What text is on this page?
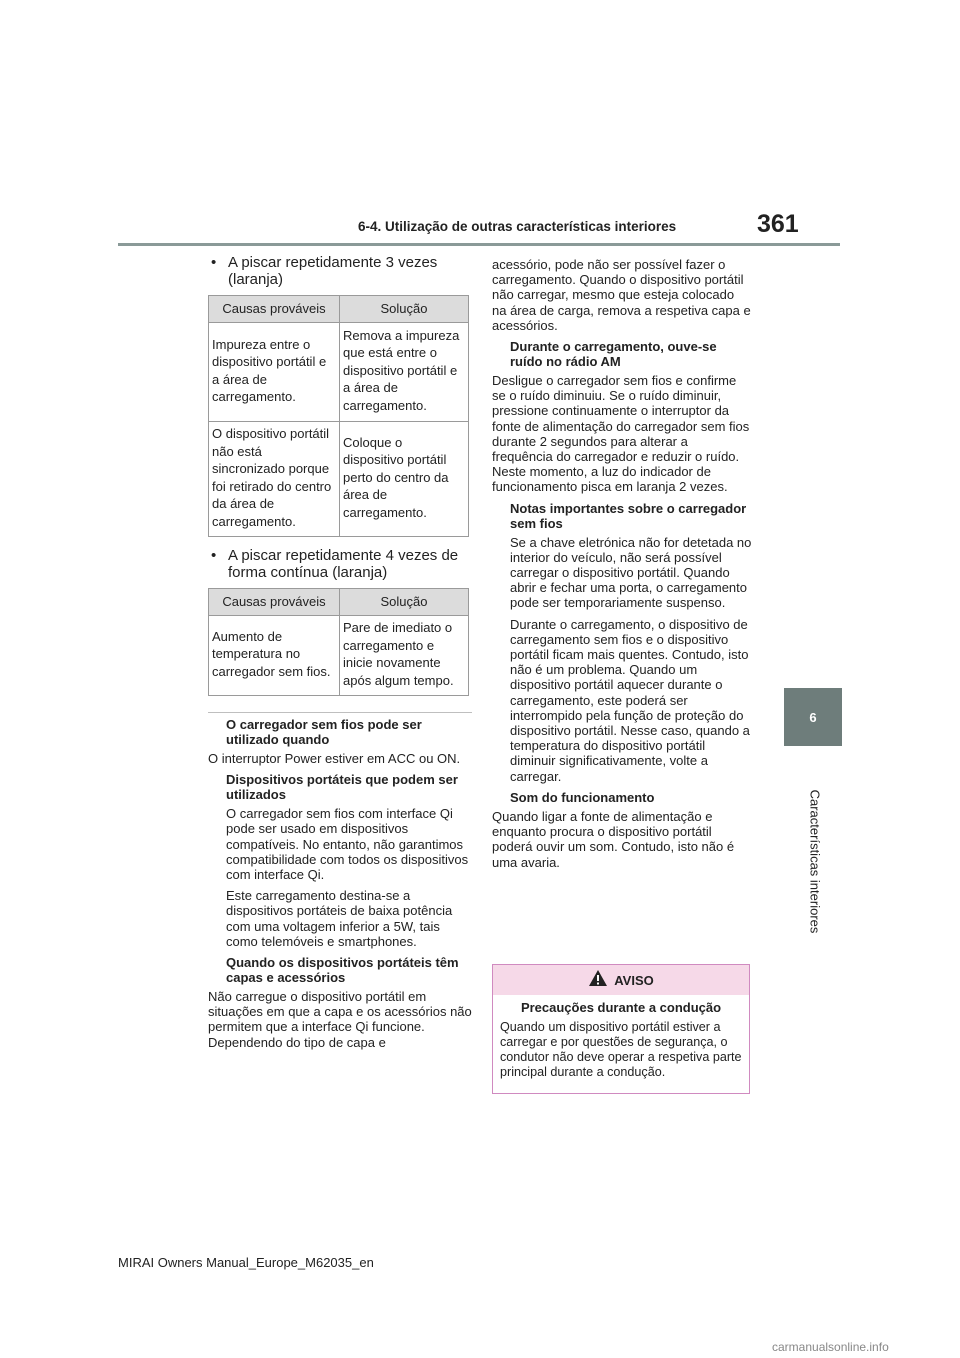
6-4. Utilização de outras características interiores	361
6
Características interiores
• A piscar repetidamente 3 vezes (laranja)
Causas prováveis	Solução
Impureza entre o dispositivo portátil e a área de carregamento.	Remova a impureza que está entre o dispositivo portátil e a área de carregamento.
O dispositivo portátil não está sincronizado porque foi retirado do centro da área de carregamento.	Coloque o dispositivo portátil perto do centro da área de carregamento.
• A piscar repetidamente 4 vezes de forma contínua (laranja)
Causas prováveis	Solução
Aumento de temperatura no carregador sem fios.	Pare de imediato o carregamento e inicie novamente após algum tempo.
O carregador sem fios pode ser utilizado quando
O interruptor Power estiver em ACC ou ON.
Dispositivos portáteis que podem ser utilizados
O carregador sem fios com interface Qi pode ser usado em dispositivos compatíveis. No entanto, não garantimos compatibilidade com todos os dispositivos com interface Qi.
Este carregamento destina-se a dispositivos portáteis de baixa potência com uma voltagem inferior a 5W, tais como telemóveis e smartphones.
Quando os dispositivos portáteis têm capas e acessórios
Não carregue o dispositivo portátil em situações em que a capa e os acessórios não permitem que a interface Qi funcione. Dependendo do tipo de capa e
acessório, pode não ser possível fazer o carregamento. Quando o dispositivo portátil não carregar, mesmo que esteja colocado na área de carga, remova a respetiva capa e acessórios.
Durante o carregamento, ouve-se ruído no rádio AM
Desligue o carregador sem fios e confirme se o ruído diminuiu. Se o ruído diminuir, pressione continuamente o interruptor da fonte de alimentação do carregador sem fios durante 2 segundos para alterar a frequência do carregador e reduzir o ruído. Neste momento, a luz do indicador de funcionamento pisca em laranja 2 vezes.
Notas importantes sobre o carregador sem fios
Se a chave eletrónica não for detetada no interior do veículo, não será possível carregar o dispositivo portátil. Quando abrir e fechar uma porta, o carregamento pode ser temporariamente suspenso.
Durante o carregamento, o dispositivo de carregamento sem fios e o dispositivo portátil ficam mais quentes. Contudo, isto não é um problema. Quando um dispositivo portátil aquecer durante o carregamento, este poderá ser interrompido pela função de proteção do dispositivo portátil. Nesse caso, quando a temperatura do dispositivo portátil diminuir significativamente, volte a carregar.
Som do funcionamento
Quando ligar a fonte de alimentação e enquanto procura o dispositivo portátil poderá ouvir um som. Contudo, isto não é uma avaria.
AVISO
Precauções durante a condução
Quando um dispositivo portátil estiver a carregar e por questões de segurança, o condutor não deve operar a respetiva parte principal durante a condução.
MIRAI Owners Manual_Europe_M62035_en
carmanualsonline.info
